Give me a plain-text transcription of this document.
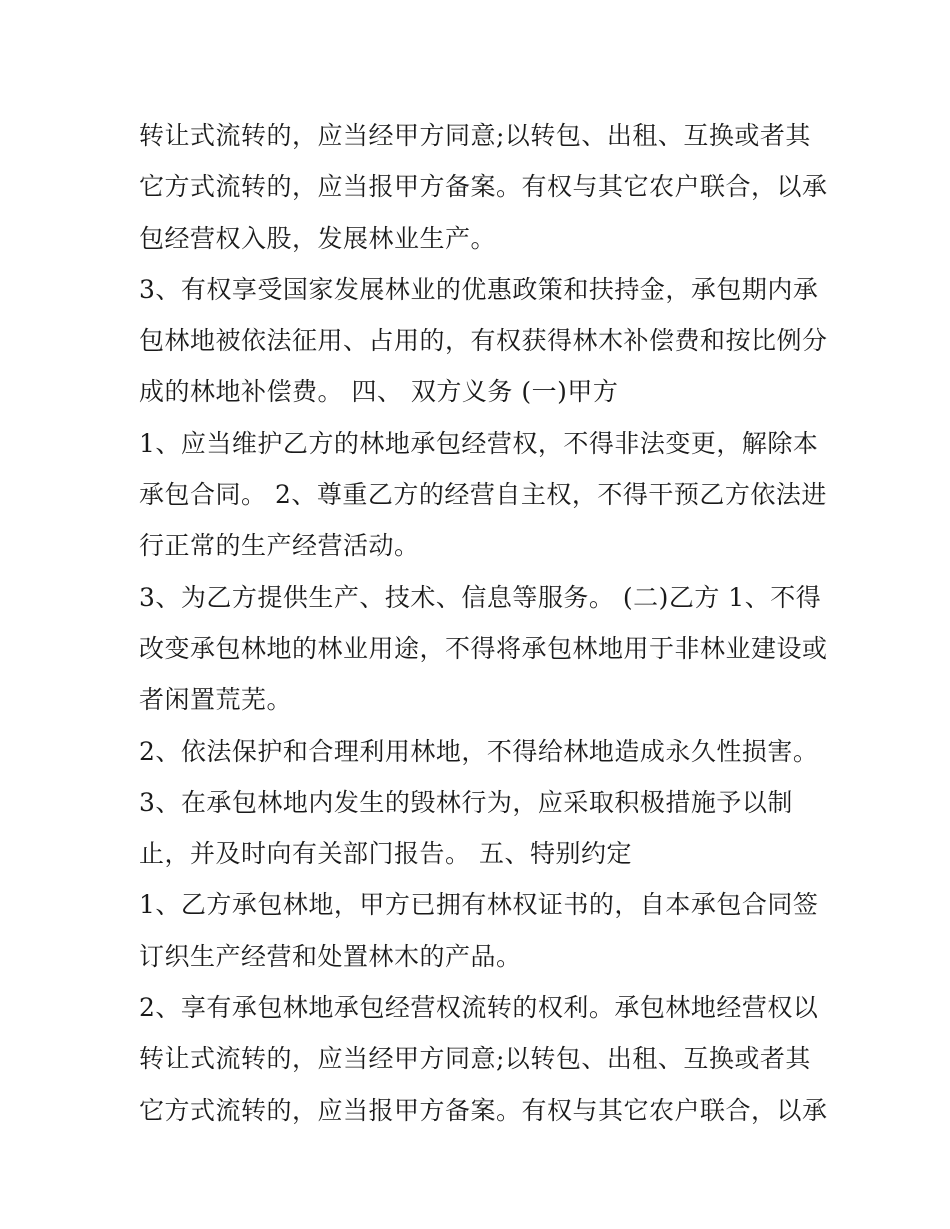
转让式流转的，应当经甲方同意;以转包、出租、互换或者其
它方式流转的，应当报甲方备案。有权与其它农户联合，以承
包经营权入股，发展林业生产。
3、有权享受国家发展林业的优惠政策和扶持金，承包期内承
包林地被依法征用、占用的，有权获得林木补偿费和按比例分
成的林地补偿费。 四、 双方义务 (一)甲方
1、应当维护乙方的林地承包经营权，不得非法变更，解除本
承包合同。 2、尊重乙方的经营自主权，不得干预乙方依法进
行正常的生产经营活动。
3、为乙方提供生产、技术、信息等服务。 (二)乙方 1、不得
改变承包林地的林业用途，不得将承包林地用于非林业建设或
者闲置荒芜。
2、依法保护和合理利用林地，不得给林地造成永久性损害。
3、在承包林地内发生的毁林行为，应采取积极措施予以制
止，并及时向有关部门报告。 五、特别约定
1、乙方承包林地，甲方已拥有林权证书的，自本承包合同签
订织生产经营和处置林木的产品。
2、享有承包林地承包经营权流转的权利。承包林地经营权以
转让式流转的，应当经甲方同意;以转包、出租、互换或者其
它方式流转的，应当报甲方备案。有权与其它农户联合，以承
